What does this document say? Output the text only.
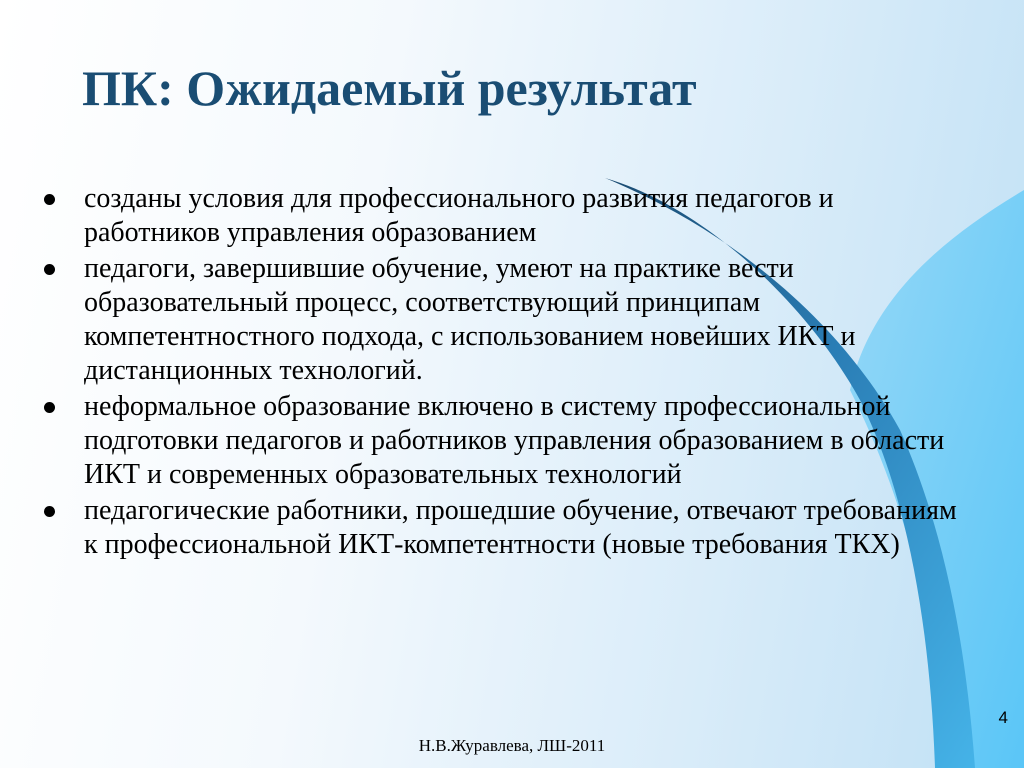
ПК: Ожидаемый результат
созданы условия для профессионального развития педагогов и работников управления образованием
педагоги, завершившие обучение, умеют на практике вести образовательный процесс, соответствующий принципам компетентностного подхода, с использованием новейших ИКТ и дистанционных технологий.
неформальное образование включено в систему профессиональной подготовки педагогов и работников управления образованием в области ИКТ и современных образовательных технологий
педагогические работники, прошедшие обучение, отвечают требованиям к профессиональной ИКТ-компетентности (новые требования ТКХ)
Н.В.Журавлева, ЛШ-2011
4
